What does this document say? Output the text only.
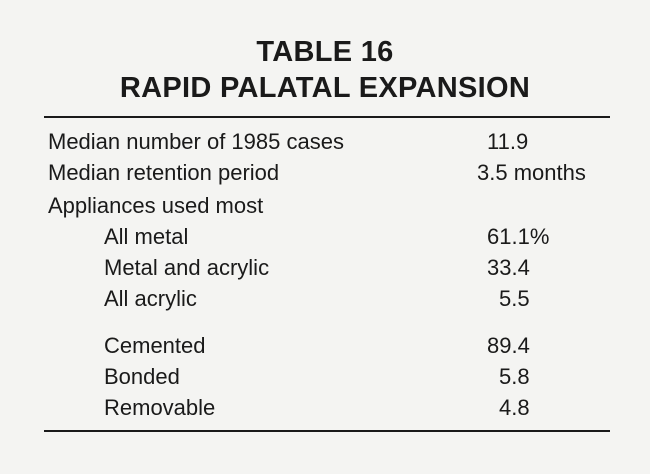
TABLE 16
RAPID PALATAL EXPANSION
Median number of 1985 cases	11.9
Median retention period	3.5 months
Appliances used most
All metal	61.1%
Metal and acrylic	33.4
All acrylic	5.5
Cemented	89.4
Bonded	5.8
Removable	4.8
